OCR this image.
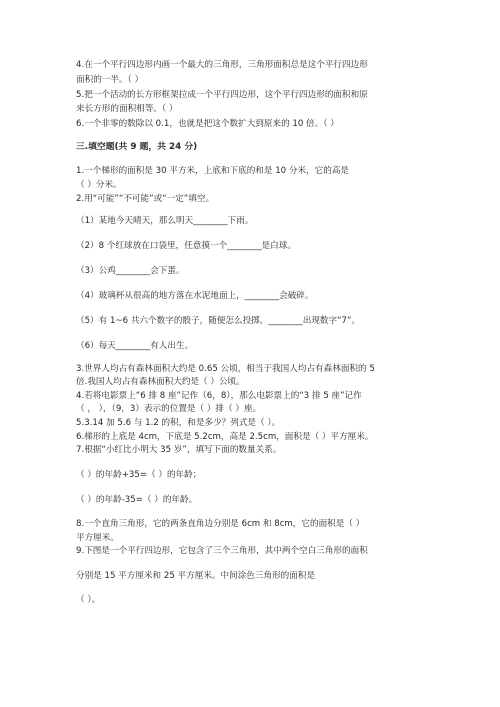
4.在一个平行四边形内画一个最大的三角形，三角形面积总是这个平行四边形
面积的一半。（ ）
5.把一个活动的长方形框架拉成一个平行四边形，这个平行四边形的面积和原
来长方形的面积相等。（ ）
6.一个非零的数除以 0.1，也就是把这个数扩大到原来的 10 倍。（ ）
三.填空题(共 9 题，共 24 分)
1.一个梯形的面积是 30 平方米，上底和下底的和是 10 分米，它的高是
（ ）分米。
2.用“可能”“不可能”或“一定”填空。
（1）某地今天晴天，那么明天________下雨。
（2）8 个红球放在口袋里，任意摸一个________是白球。
（3）公鸡________会下蛋。
（4）玻璃杯从很高的地方落在水泥地面上，________会破碎。
（5）有 1~6 共六个数字的骰子，随便怎么投掷，________出现数字“7”。
（6）每天________有人出生。
3.世界人均占有森林面积大约是 0.65 公顷，相当于我国人均占有森林面积的 5
倍.我国人均占有森林面积大约是（ ）公顷。
4.若将电影票上“6 排 8 座”记作（6，8），那么电影票上的“3 排 5 座”记作
（ ， ），（9，3）表示的位置是（ ）排（ ）座。
5.3.14 加 5.6 与 1.2 的积，和是多少？列式是（ ）。
6.梯形的上底是 4cm，下底是 5.2cm，高是 2.5cm，面积是（ ）平方厘米。
7.根据“小红比小明大 35 岁”，填写下面的数量关系。
（ ）的年龄+35=（ ）的年龄；
（ ）的年龄-35=（ ）的年龄。
8.一个直角三角形，它的两条直角边分别是 6cm 和 8cm，它的面积是（ ）
平方厘米。
9.下图是一个平行四边形，它包含了三个三角形，其中两个空白三角形的面积
分别是 15 平方厘米和 25 平方厘米。中间涂色三角形的面积是
（ ）。
